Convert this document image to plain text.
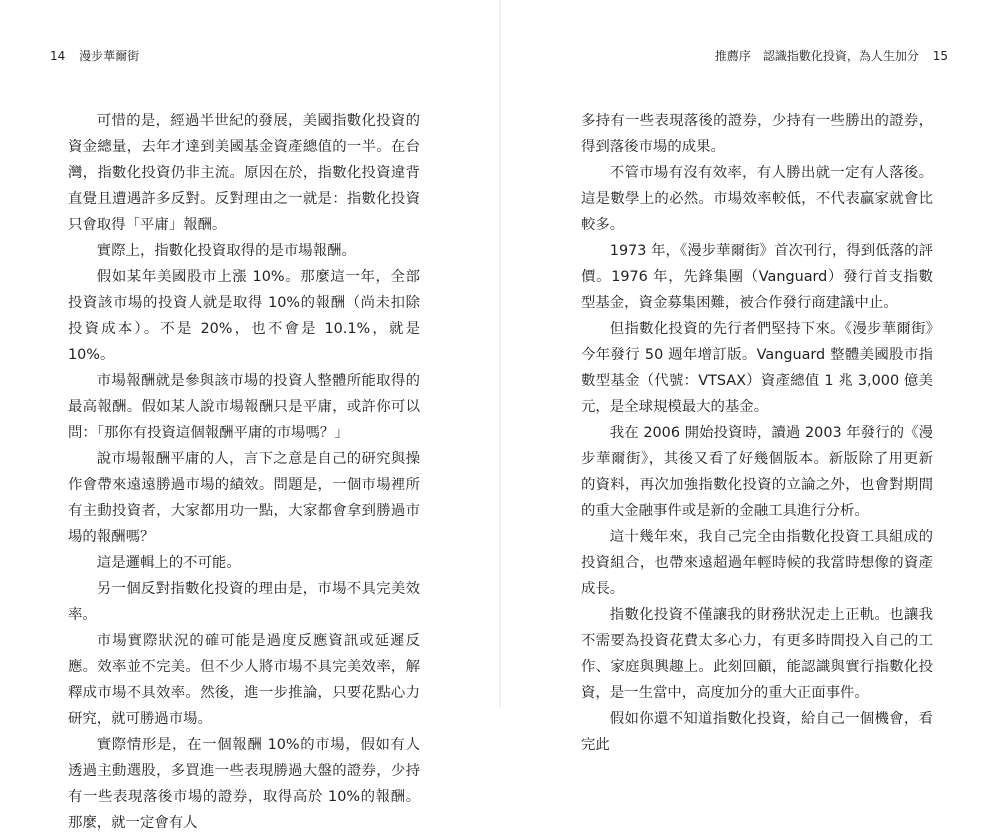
14 漫步華爾街

可惜的是，經過半世紀的發展，美國指數化投資的資金總量，去年才達到美國基金資產總值的一半。在台灣，指數化投資仍非主流。原因在於，指數化投資違背直覺且遭遇許多反對。反對理由之一就是：指數化投資只會取得「平庸」報酬。

實際上，指數化投資取得的是市場報酬。

假如某年美國股市上漲 10%。那麼這一年，全部投資該市場的投資人就是取得 10%的報酬（尚未扣除投資成本）。不是 20%，也不會是 10.1%，就是 10%。

市場報酬就是參與該市場的投資人整體所能取得的最高報酬。假如某人說市場報酬只是平庸，或許你可以問：「那你有投資這個報酬平庸的市場嗎？」

說市場報酬平庸的人，言下之意是自己的研究與操作會帶來遠遠勝過市場的績效。問題是，一個市場裡所有主動投資者，大家都用功一點，大家都會拿到勝過市場的報酬嗎？

這是邏輯上的不可能。

另一個反對指數化投資的理由是，市場不具完美效率。

市場實際狀況的確可能是過度反應資訊或延遲反應。效率並不完美。但不少人將市場不具完美效率，解釋成市場不具效率。然後，進一步推論，只要花點心力研究，就可勝過市場。

實際情形是，在一個報酬 10%的市場，假如有人透過主動選股，多買進一些表現勝過大盤的證券，少持有一些表現落後市場的證券，取得高於 10%的報酬。那麼，就一定會有人

推薦序　認識指數化投資，為人生加分 15

多持有一些表現落後的證券，少持有一些勝出的證券，得到落後市場的成果。

不管市場有沒有效率，有人勝出就一定有人落後。這是數學上的必然。市場效率較低，不代表贏家就會比較多。

1973 年，《漫步華爾街》首次刊行，得到低落的評價。1976 年，先鋒集團（Vanguard）發行首支指數型基金，資金募集困難，被合作發行商建議中止。

但指數化投資的先行者們堅持下來。《漫步華爾街》今年發行 50 週年增訂版。Vanguard 整體美國股市指數型基金（代號：VTSAX）資產總值 1 兆 3,000 億美元，是全球規模最大的基金。

我在 2006 開始投資時，讀過 2003 年發行的《漫步華爾街》，其後又看了好幾個版本。新版除了用更新的資料，再次加強指數化投資的立論之外，也會對期間的重大金融事件或是新的金融工具進行分析。

這十幾年來，我自己完全由指數化投資工具組成的投資組合，也帶來遠超過年輕時候的我當時想像的資產成長。

指數化投資不僅讓我的財務狀況走上正軌。也讓我不需要為投資花費太多心力，有更多時間投入自己的工作、家庭與興趣上。此刻回顧，能認識與實行指數化投資，是一生當中，高度加分的重大正面事件。

假如你還不知道指數化投資，給自己一個機會，看完此
